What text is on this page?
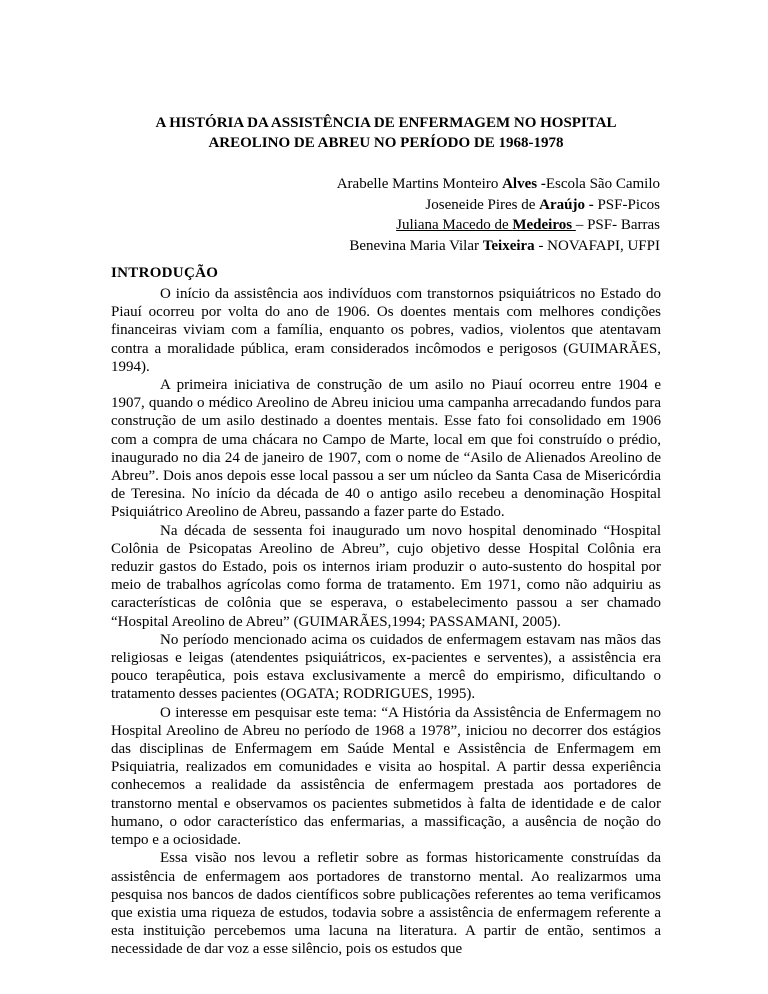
A HISTÓRIA DA ASSISTÊNCIA DE ENFERMAGEM NO HOSPITAL
AREOLINO DE ABREU NO PERÍODO DE 1968-1978
Arabelle Martins Monteiro Alves -Escola São Camilo
Joseneide Pires de Araújo - PSF-Picos
Juliana Macedo de Medeiros – PSF- Barras
Benevina Maria Vilar Teixeira - NOVAFAPI, UFPI
INTRODUÇÃO

O início da assistência aos indivíduos com transtornos psiquiátricos no Estado do Piauí ocorreu por volta do ano de 1906. Os doentes mentais com melhores condições financeiras viviam com a família, enquanto os pobres, vadios, violentos que atentavam contra a moralidade pública, eram considerados incômodos e perigosos (GUIMARÃES, 1994).

A primeira iniciativa de construção de um asilo no Piauí ocorreu entre 1904 e 1907, quando o médico Areolino de Abreu iniciou uma campanha arrecadando fundos para construção de um asilo destinado a doentes mentais. Esse fato foi consolidado em 1906 com a compra de uma chácara no Campo de Marte, local em que foi construído o prédio, inaugurado no dia 24 de janeiro de 1907, com o nome de “Asilo de Alienados Areolino de Abreu”. Dois anos depois esse local passou a ser um núcleo da Santa Casa de Misericórdia de Teresina. No início da década de 40 o antigo asilo recebeu a denominação Hospital Psiquiátrico Areolino de Abreu, passando a fazer parte do Estado.

Na década de sessenta foi inaugurado um novo hospital denominado “Hospital Colônia de Psicopatas Areolino de Abreu”, cujo objetivo desse Hospital Colônia era reduzir gastos do Estado, pois os internos iriam produzir o auto-sustento do hospital por meio de trabalhos agrícolas como forma de tratamento. Em 1971, como não adquiriu as características de colônia que se esperava, o estabelecimento passou a ser chamado “Hospital Areolino de Abreu” (GUIMARÃES,1994; PASSAMANI, 2005).

No período mencionado acima os cuidados de enfermagem estavam nas mãos das religiosas e leigas (atendentes psiquiátricos, ex-pacientes e serventes), a assistência era pouco terapêutica, pois estava exclusivamente a mercê do empirismo, dificultando o tratamento desses pacientes (OGATA; RODRIGUES, 1995).

O interesse em pesquisar este tema: “A História da Assistência de Enfermagem no Hospital Areolino de Abreu no período de 1968 a 1978”, iniciou no decorrer dos estágios das disciplinas de Enfermagem em Saúde Mental e Assistência de Enfermagem em Psiquiatria, realizados em comunidades e visita ao hospital. A partir dessa experiência conhecemos a realidade da assistência de enfermagem prestada aos portadores de transtorno mental e observamos os pacientes submetidos à falta de identidade e de calor humano, o odor característico das enfermarias, a massificação, a ausência de noção do tempo e a ociosidade.

Essa visão nos levou a refletir sobre as formas historicamente construídas da assistência de enfermagem aos portadores de transtorno mental. Ao realizarmos uma pesquisa nos bancos de dados científicos sobre publicações referentes ao tema verificamos que existia uma riqueza de estudos, todavia sobre a assistência de enfermagem referente a esta instituição percebemos uma lacuna na literatura. A partir de então, sentimos a necessidade de dar voz a esse silêncio, pois os estudos que
